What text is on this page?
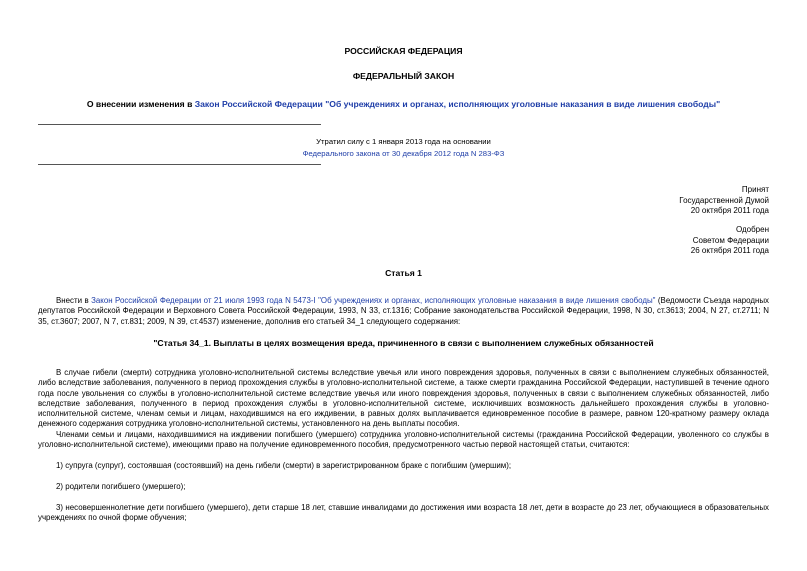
РОССИЙСКАЯ ФЕДЕРАЦИЯ
ФЕДЕРАЛЬНЫЙ ЗАКОН
О внесении изменения в Закон Российской Федерации "Об учреждениях и органах, исполняющих уголовные наказания в виде лишения свободы"
Утратил силу с 1 января 2013 года на основании
Федерального закона от 30 декабря 2012 года N 283-ФЗ
Принят
Государственной Думой
20 октября 2011 года
Одобрен
Советом Федерации
26 октября 2011 года
Статья 1
Внести в Закон Российской Федерации от 21 июля 1993 года N 5473-I "Об учреждениях и органах, исполняющих уголовные наказания в виде лишения свободы" (Ведомости Съезда народных депутатов Российской Федерации и Верховного Совета Российской Федерации, 1993, N 33, ст.1316; Собрание законодательства Российской Федерации, 1998, N 30, ст.3613; 2004, N 27, ст.2711; N 35, ст.3607; 2007, N 7, ст.831; 2009, N 39, ст.4537) изменение, дополнив его статьей 34_1 следующего содержания:
"Статья 34_1. Выплаты в целях возмещения вреда, причиненного в связи с выполнением служебных обязанностей
В случае гибели (смерти) сотрудника уголовно-исполнительной системы вследствие увечья или иного повреждения здоровья, полученных в связи с выполнением служебных обязанностей, либо вследствие заболевания, полученного в период прохождения службы в уголовно-исполнительной системе, а также смерти гражданина Российской Федерации, наступившей в течение одного года после увольнения со службы в уголовно-исполнительной системе вследствие увечья или иного повреждения здоровья, полученных в связи с выполнением служебных обязанностей, либо вследствие заболевания, полученного в период прохождения службы в уголовно-исполнительной системе, исключивших возможность дальнейшего прохождения службы в уголовно-исполнительной системе, членам семьи и лицам, находившимся на его иждивении, в равных долях выплачивается единовременное пособие в размере, равном 120-кратному размеру оклада денежного содержания сотрудника уголовно-исполнительной системы, установленного на день выплаты пособия.
Членами семьи и лицами, находившимися на иждивении погибшего (умершего) сотрудника уголовно-исполнительной системы (гражданина Российской Федерации, уволенного со службы в уголовно-исполнительной системе), имеющими право на получение единовременного пособия, предусмотренного частью первой настоящей статьи, считаются:
1) супруга (супруг), состоявшая (состоявший) на день гибели (смерти) в зарегистрированном браке с погибшим (умершим);
2) родители погибшего (умершего);
3) несовершеннолетние дети погибшего (умершего), дети старше 18 лет, ставшие инвалидами до достижения ими возраста 18 лет, дети в возрасте до 23 лет, обучающиеся в образовательных учреждениях по очной форме обучения;
